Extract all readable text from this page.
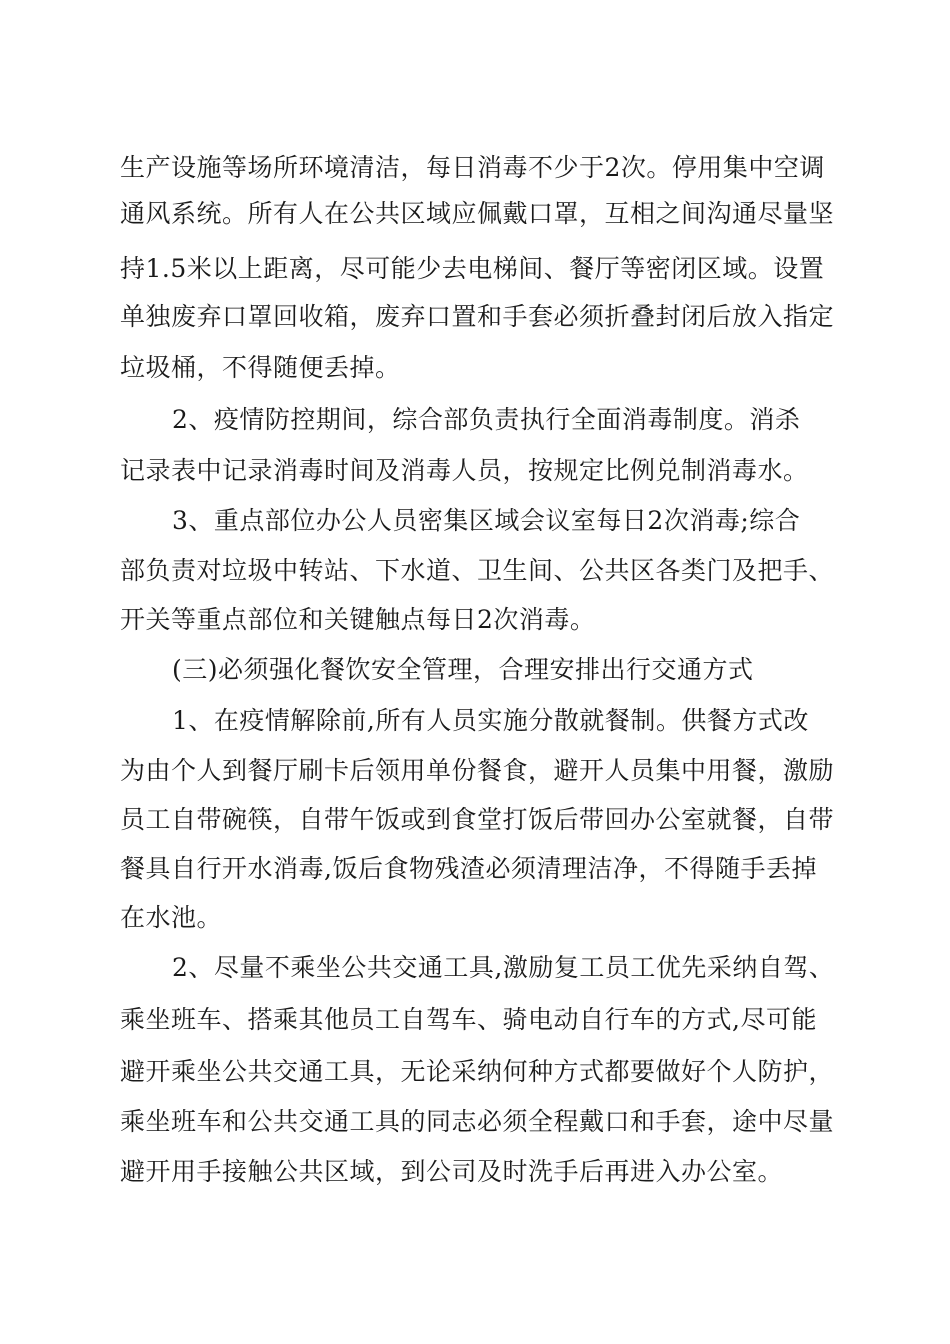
生产设施等场所环境清洁，每日消毒不少于2次。停用集中空调
通风系统。所有人在公共区域应佩戴口罩，互相之间沟通尽量坚
持1.5米以上距离，尽可能少去电梯间、餐厅等密闭区域。设置
单独废弃口罩回收箱，废弃口置和手套必须折叠封闭后放入指定
垃圾桶，不得随便丢掉。
2、疫情防控期间，综合部负责执行全面消毒制度。消杀
记录表中记录消毒时间及消毒人员，按规定比例兑制消毒水。
3、重点部位办公人员密集区域会议室每日2次消毒;综合
部负责对垃圾中转站、下水道、卫生间、公共区各类门及把手、
开关等重点部位和关键触点每日2次消毒。
(三)必须强化餐饮安全管理，合理安排出行交通方式
1、在疫情解除前,所有人员实施分散就餐制。供餐方式改
为由个人到餐厅刷卡后领用单份餐食，避开人员集中用餐，激励
员工自带碗筷，自带午饭或到食堂打饭后带回办公室就餐，自带
餐具自行开水消毒,饭后食物残渣必须清理洁净，不得随手丢掉
在水池。
2、尽量不乘坐公共交通工具,激励复工员工优先采纳自驾、
乘坐班车、搭乘其他员工自驾车、骑电动自行车的方式,尽可能
避开乘坐公共交通工具，无论采纳何种方式都要做好个人防护，
乘坐班车和公共交通工具的同志必须全程戴口和手套，途中尽量
避开用手接触公共区域，到公司及时洗手后再进入办公室。
